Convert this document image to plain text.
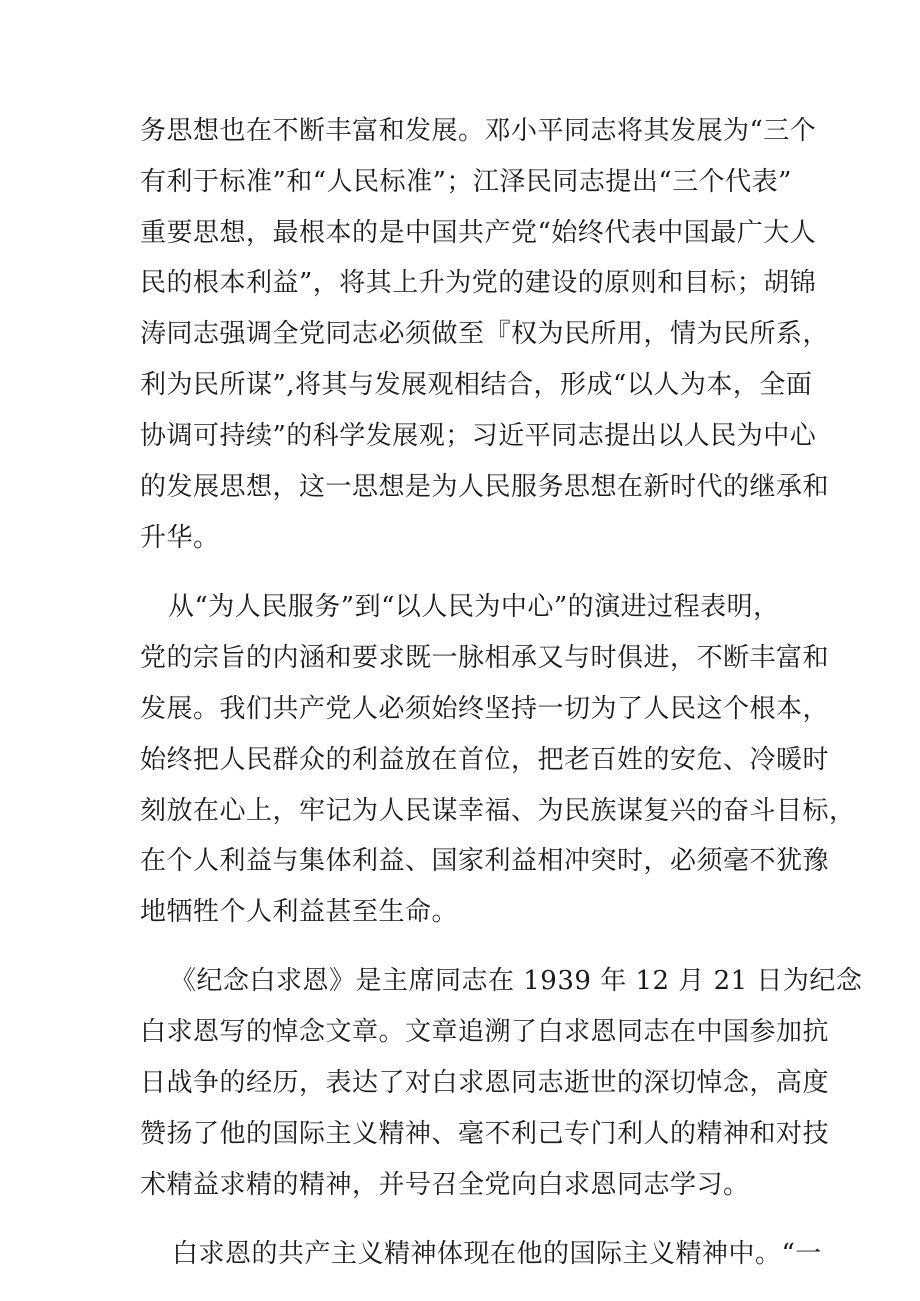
务思想也在不断丰富和发展。邓小平同志将其发展为“三个
有利于标准”和“人民标准”；江泽民同志提出“三个代表”
重要思想，最根本的是中国共产党“始终代表中国最广大人
民的根本利益”，将其上升为党的建设的原则和目标；胡锦
涛同志强调全党同志必须做至『权为民所用，情为民所系，
利为民所谋”,将其与发展观相结合，形成“以人为本，全面
协调可持续”的科学发展观；习近平同志提出以人民为中心
的发展思想，这一思想是为人民服务思想在新时代的继承和
升华。
从“为人民服务”到“以人民为中心”的演进过程表明，
党的宗旨的内涵和要求既一脉相承又与时俱进，不断丰富和
发展。我们共产党人必须始终坚持一切为了人民这个根本，
始终把人民群众的利益放在首位，把老百姓的安危、冷暖时
刻放在心上，牢记为人民谋幸福、为民族谋复兴的奋斗目标，
在个人利益与集体利益、国家利益相冲突时，必须毫不犹豫
地牺牲个人利益甚至生命。
《纪念白求恩》是主席同志在 1939 年 12 月 21 日为纪念
白求恩写的悼念文章。文章追溯了白求恩同志在中国参加抗
日战争的经历，表达了对白求恩同志逝世的深切悼念，高度
赞扬了他的国际主义精神、毫不利己专门利人的精神和对技
术精益求精的精神，并号召全党向白求恩同志学习。
白求恩的共产主义精神体现在他的国际主义精神中。“一
